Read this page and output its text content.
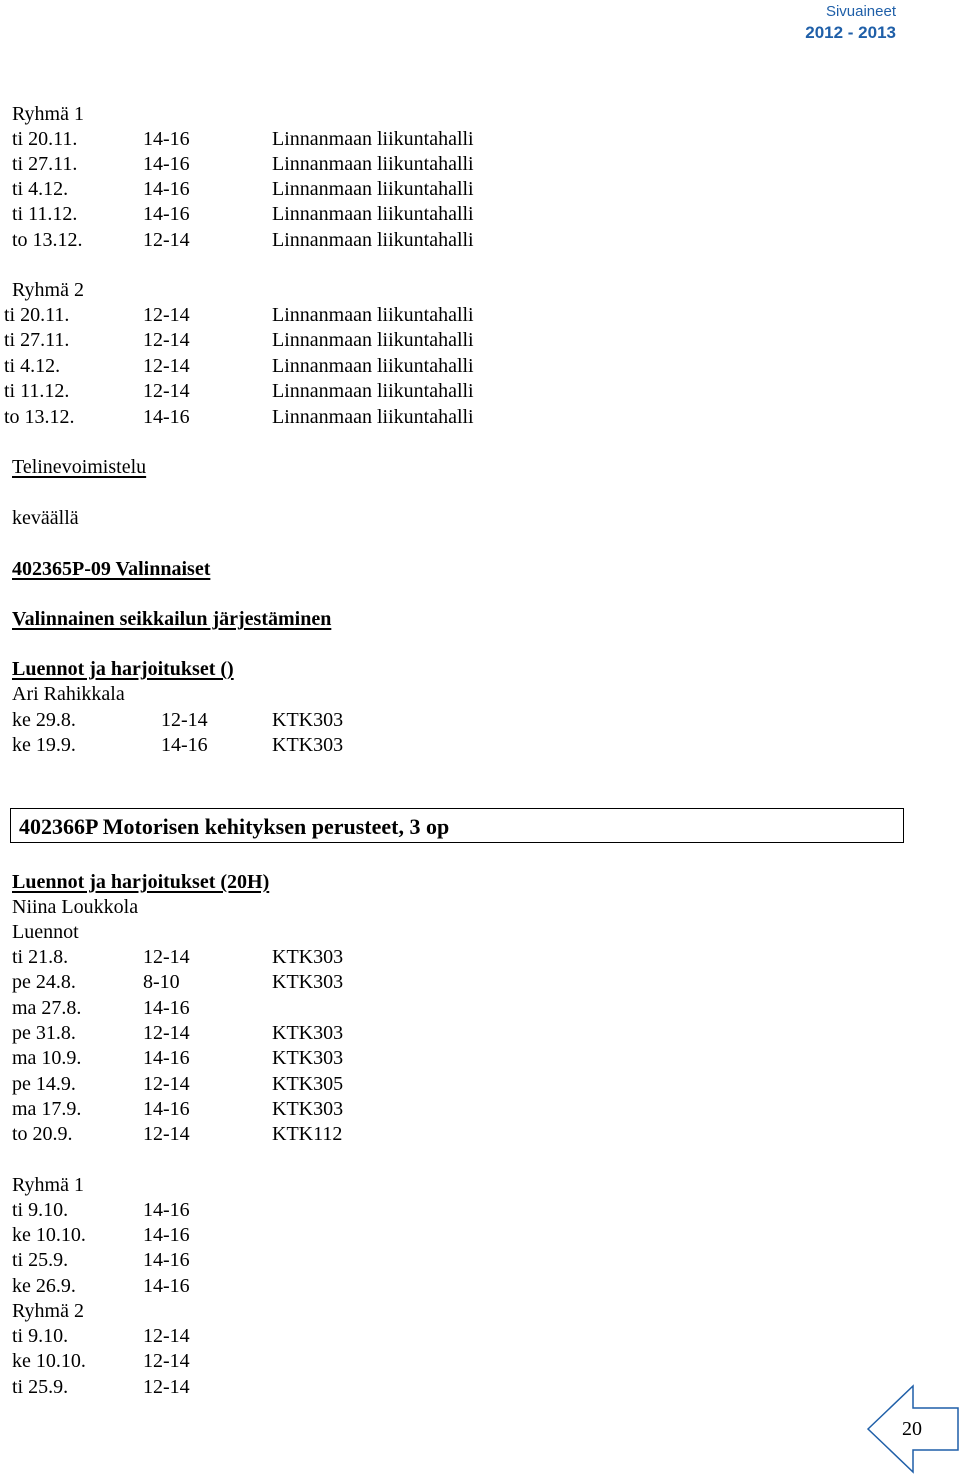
Sivuaineet
2012 - 2013
Ryhmä 1
ti 20.11.	14-16	Linnanmaan liikuntahalli
ti 27.11.	14-16	Linnanmaan liikuntahalli
ti 4.12.	14-16	Linnanmaan liikuntahalli
ti 11.12.	14-16	Linnanmaan liikuntahalli
to 13.12.	12-14	Linnanmaan liikuntahalli
Ryhmä 2
ti 20.11.	12-14	Linnanmaan liikuntahalli
ti 27.11.	12-14	Linnanmaan liikuntahalli
ti 4.12.	12-14	Linnanmaan liikuntahalli
ti 11.12.	12-14	Linnanmaan liikuntahalli
to 13.12.	14-16	Linnanmaan liikuntahalli
Telinevoimistelu
keväällä
402365P-09 Valinnaiset
Valinnainen seikkailun järjestäminen
Luennot ja harjoitukset ()
Ari Rahikkala
ke 29.8.	12-14	KTK303
ke 19.9.	14-16	KTK303
402366P Motorisen kehityksen perusteet, 3 op
Luennot ja harjoitukset (20H)
Niina Loukkola
Luennot
ti 21.8.	12-14	KTK303
pe 24.8.	8-10	KTK303
ma 27.8.	14-16
pe 31.8.	12-14	KTK303
ma 10.9.	14-16	KTK303
pe 14.9.	12-14	KTK305
ma 17.9.	14-16	KTK303
to 20.9.	12-14	KTK112
Ryhmä 1
ti 9.10.	14-16
ke 10.10.	14-16
ti 25.9.	14-16
ke 26.9.	14-16
Ryhmä 2
ti 9.10.	12-14
ke 10.10.	12-14
ti 25.9.	12-14
20
